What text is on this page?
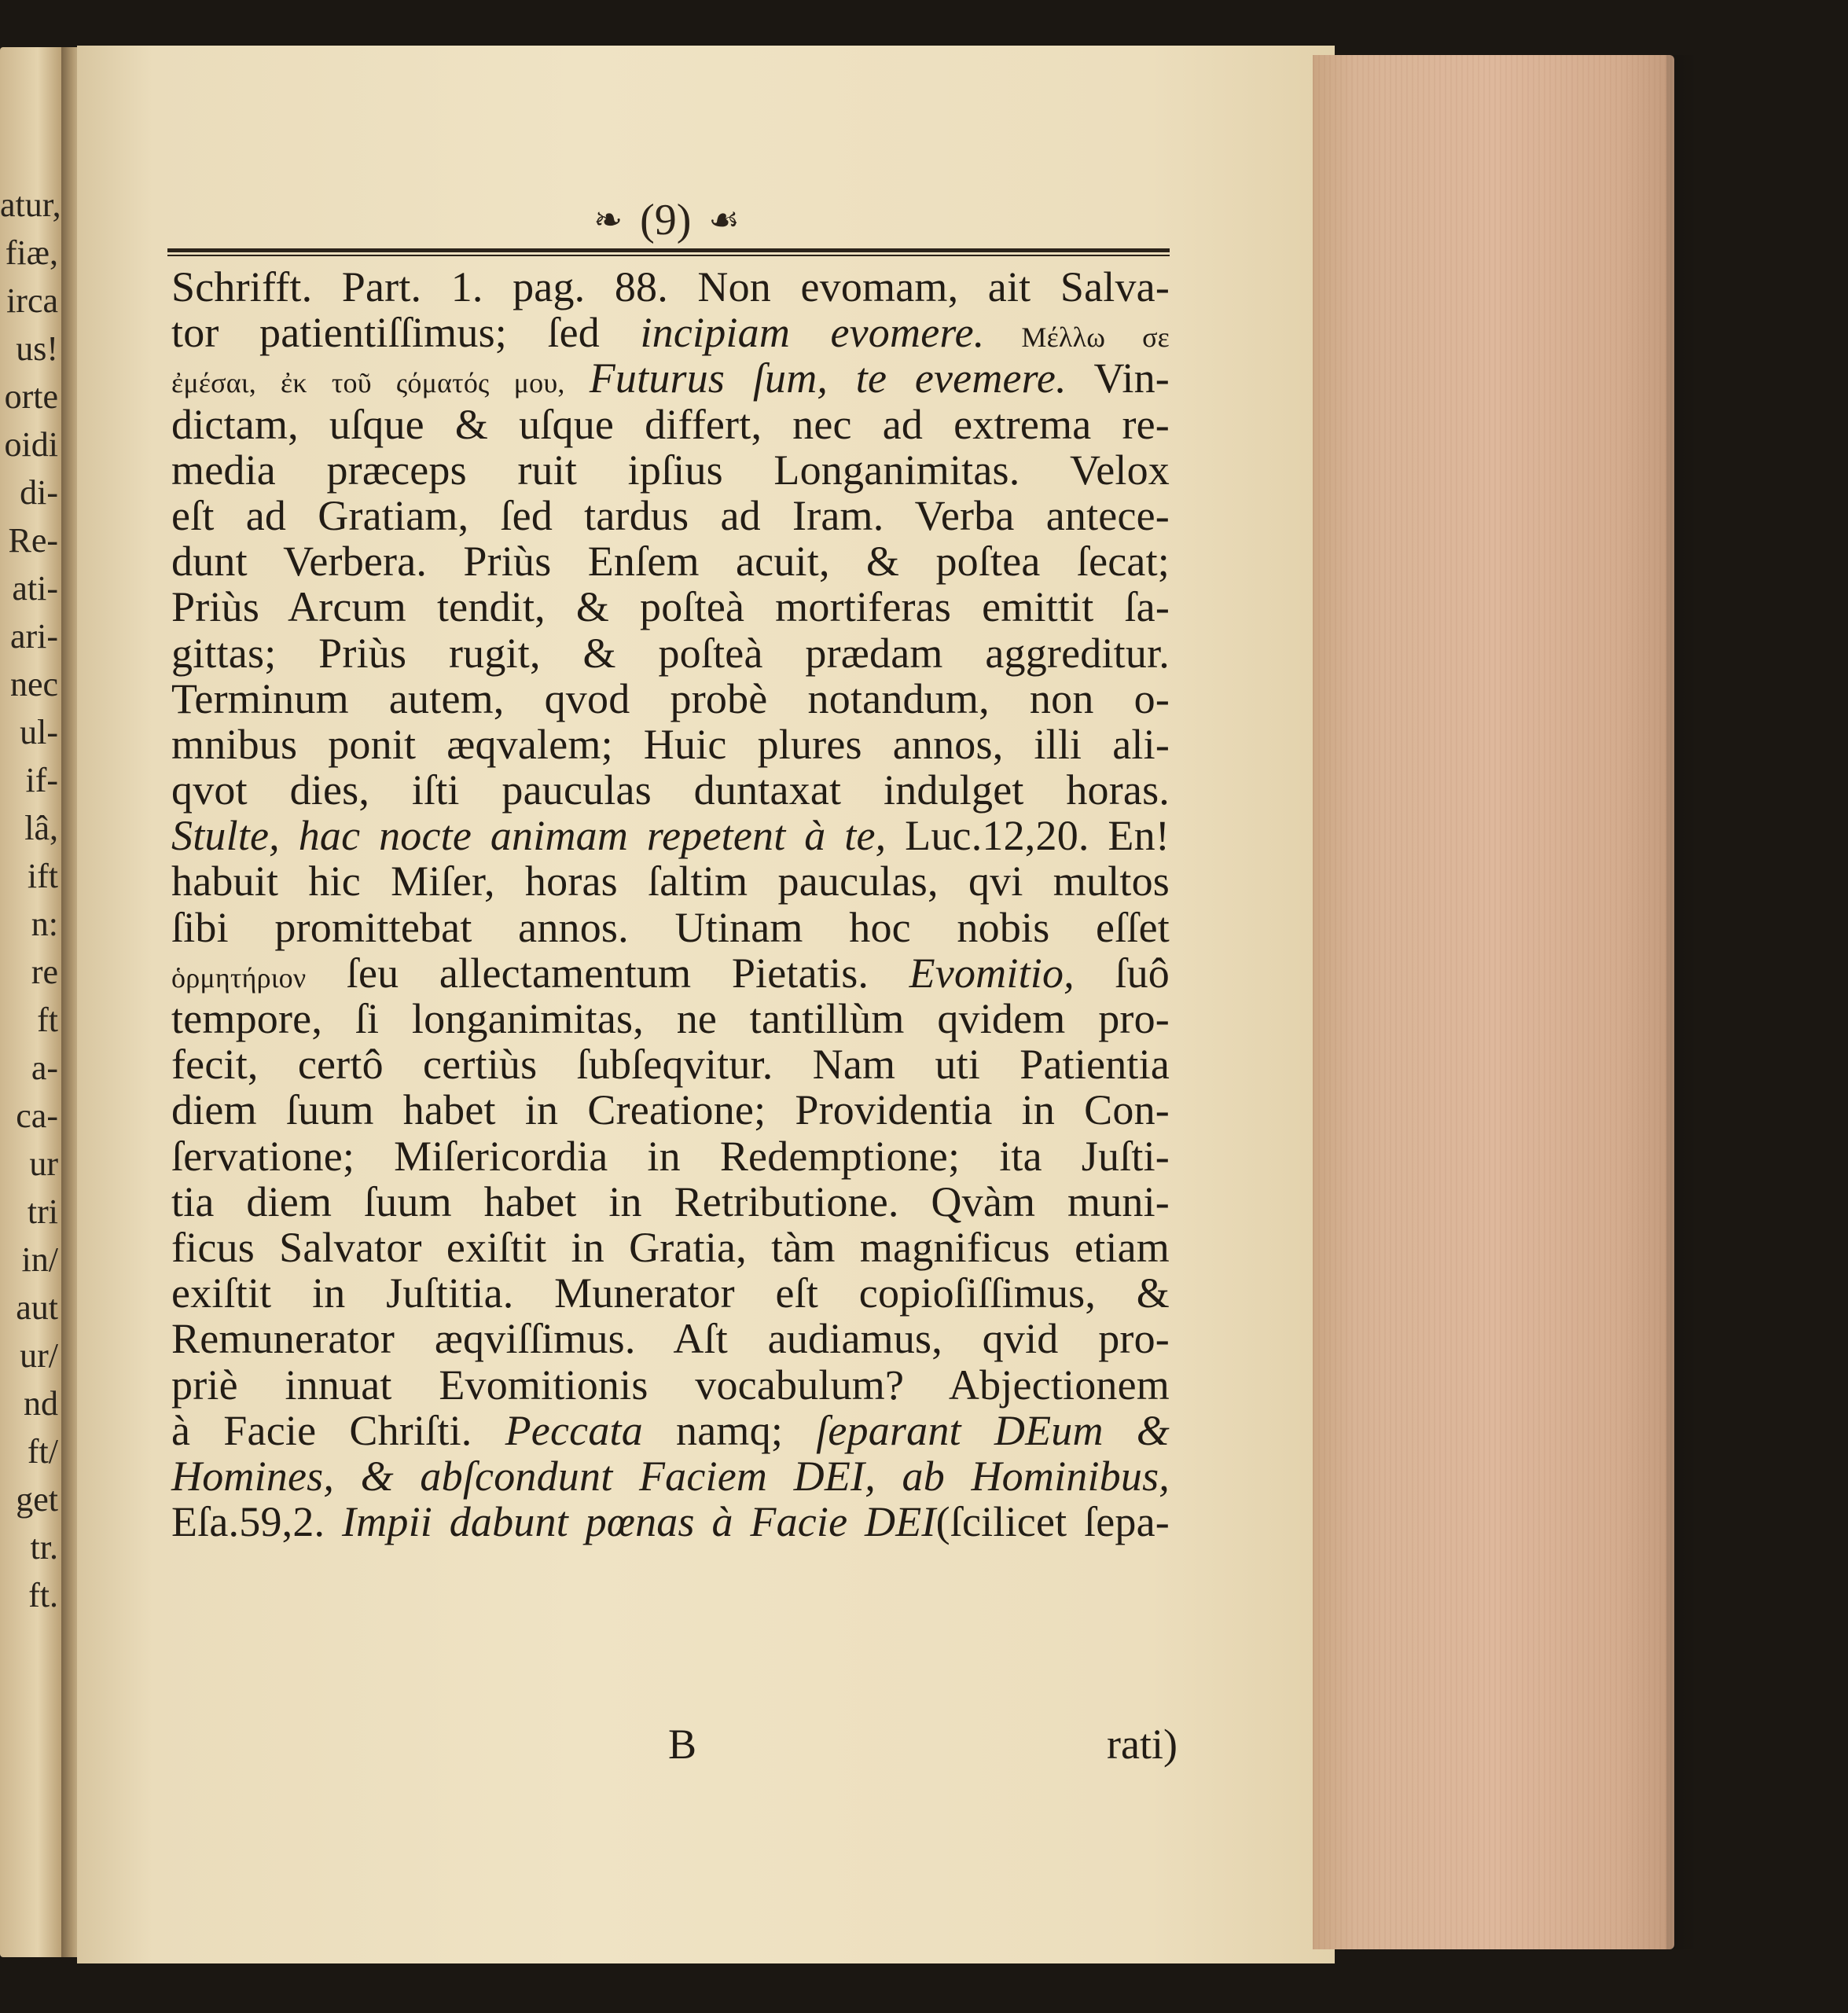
atur,
fiæ,
irca
us!
orte
oidi
di-
Re-
ati-
ari-
nec
ul-
if-
lâ,
ift
n:
re
ft
a-
ca-
ur
tri
in/
aut
ur/
nd
ft/
get
tr.
ft.
❧ (9) ☙
Schrifft. Part. 1. pag. 88. Non evomam, ait Salva-
tor patientiſſimus; ſed incipiam evomere. Μέλλω σε
ἐμέσαι, ἐκ τοῦ ςόματός μου, Futurus ſum, te evemere. Vin-
dictam, uſque & uſque differt, nec ad extrema re-
media præceps ruit ipſius Longanimitas. Velox
eſt ad Gratiam, ſed tardus ad Iram. Verba antece-
dunt Verbera. Priùs Enſem acuit, & poſtea ſecat;
Priùs Arcum tendit, & poſteà mortiferas emittit ſa-
gittas; Priùs rugit, & poſteà prædam aggreditur.
Terminum autem, qvod probè notandum, non o-
mnibus ponit æqvalem; Huic plures annos, illi ali-
qvot dies, iſti pauculas duntaxat indulget horas.
Stulte, hac nocte animam repetent à te, Luc.12,20. En!
habuit hic Miſer, horas ſaltim pauculas, qvi multos
ſibi promittebat annos. Utinam hoc nobis eſſet
ὁρμητήριον ſeu allectamentum Pietatis. Evomitio, ſuô
tempore, ſi longanimitas, ne tantillùm qvidem pro-
fecit, certô certiùs ſubſeqvitur. Nam uti Patientia
diem ſuum habet in Creatione; Providentia in Con-
ſervatione; Miſericordia in Redemptione; ita Juſti-
tia diem ſuum habet in Retributione. Qvàm muni-
ficus Salvator exiſtit in Gratia, tàm magnificus etiam
exiſtit in Juſtitia. Munerator eſt copioſiſſimus, &
Remunerator æqviſſimus. Aſt audiamus, qvid pro-
priè innuat Evomitionis vocabulum? Abjectionem
à Facie Chriſti. Peccata namq; ſeparant DEum &
Homines, & abſcondunt Faciem DEI, ab Hominibus,
Eſa.59,2. Impii dabunt pœnas à Facie DEI(ſcilicet ſepa-
B	rati)
